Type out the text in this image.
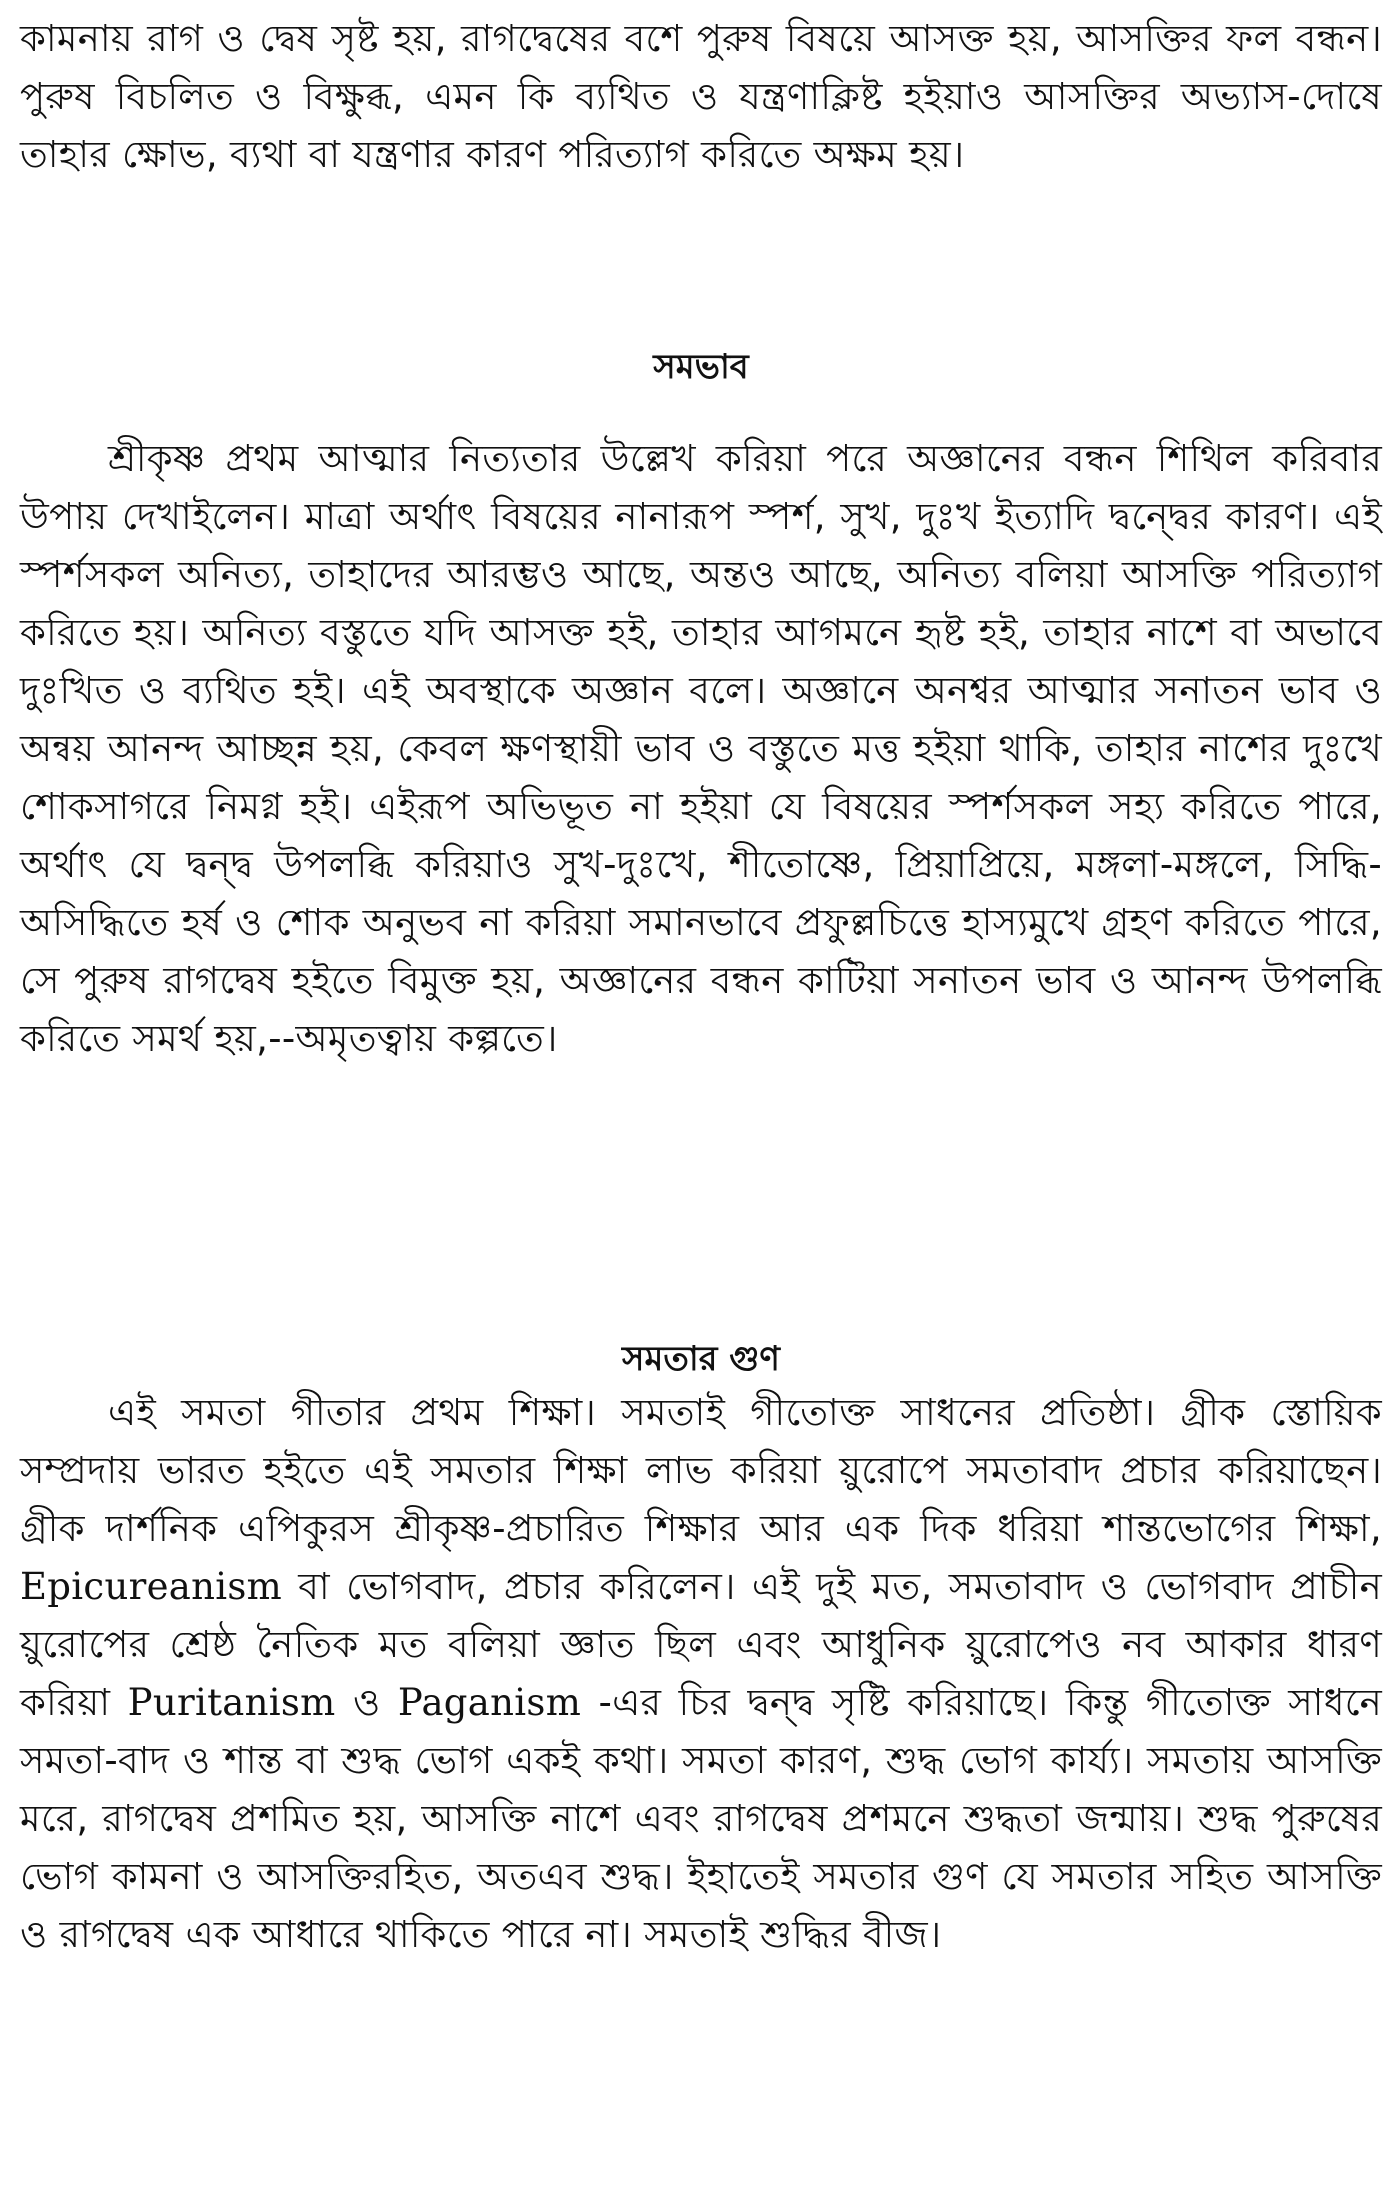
কামনায় রাগ ও দ্বেষ সৃষ্ট হয়, রাগদ্বেষের বশে পুরুষ বিষয়ে আসক্ত হয়, আসক্তির ফল বন্ধন। পুরুষ বিচলিত ও বিক্ষুব্ধ, এমন কি ব্যথিত ও যন্ত্রণাক্লিষ্ট হইয়াও আসক্তির অভ্যাস-দোষে তাহার ক্ষোভ, ব্যথা বা যন্ত্রণার কারণ পরিত্যাগ করিতে অক্ষম হয়।

সমভাব

শ্রীকৃষ্ণ প্রথম আত্মার নিত্যতার উল্লেখ করিয়া পরে অজ্ঞানের বন্ধন শিথিল করিবার উপায় দেখাইলেন। মাত্রা অর্থাৎ বিষয়ের নানারূপ স্পর্শ, সুখ, দুঃখ ইত্যাদি দ্বন্দ্বের কারণ। এই স্পর্শসকল অনিত্য, তাহাদের আরম্ভও আছে, অন্তও আছে, অনিত্য বলিয়া আসক্তি পরিত্যাগ করিতে হয়। অনিত্য বস্তুতে যদি আসক্ত হই, তাহার আগমনে হৃষ্ট হই, তাহার নাশে বা অভাবে দুঃখিত ও ব্যথিত হই। এই অবস্থাকে অজ্ঞান বলে। অজ্ঞানে অনশ্বর আত্মার সনাতন ভাব ও অন্বয় আনন্দ আচ্ছন্ন হয়, কেবল ক্ষণস্থায়ী ভাব ও বস্তুতে মত্ত হইয়া থাকি, তাহার নাশের দুঃখে শোকসাগরে নিমগ্ন হই। এইরূপ অভিভূত না হইয়া যে বিষয়ের স্পর্শসকল সহ্য করিতে পারে, অর্থাৎ যে দ্বন্দ্ব উপলব্ধি করিয়াও সুখ-দুঃখে, শীতোষ্ণে, প্রিয়াপ্রিয়ে, মঙ্গলা-মঙ্গলে, সিদ্ধি-অসিদ্ধিতে হর্ষ ও শোক অনুভব না করিয়া সমানভাবে প্রফুল্লচিত্তে হাস্যমুখে গ্রহণ করিতে পারে, সে পুরুষ রাগদ্বেষ হইতে বিমুক্ত হয়, অজ্ঞানের বন্ধন কাটিয়া সনাতন ভাব ও আনন্দ উপলব্ধি করিতে সমর্থ হয়,--অমৃতত্বায় কল্পতে।

সমতার গুণ

এই সমতা গীতার প্রথম শিক্ষা। সমতাই গীতোক্ত সাধনের প্রতিষ্ঠা। গ্রীক স্তোয়িক সম্প্রদায় ভারত হইতে এই সমতার শিক্ষা লাভ করিয়া য়ুরোপে সমতাবাদ প্রচার করিয়াছেন। গ্রীক দার্শনিক এপিকুরস শ্রীকৃষ্ণ-প্রচারিত শিক্ষার আর এক দিক ধরিয়া শান্তভোগের শিক্ষা, Epicureanism বা ভোগবাদ, প্রচার করিলেন। এই দুই মত, সমতাবাদ ও ভোগবাদ প্রাচীন য়ুরোপের শ্রেষ্ঠ নৈতিক মত বলিয়া জ্ঞাত ছিল এবং আধুনিক য়ুরোপেও নব আকার ধারণ করিয়া Puritanism ও Paganism -এর চির দ্বন্দ্ব সৃষ্টি করিয়াছে। কিন্তু গীতোক্ত সাধনে সমতা-বাদ ও শান্ত বা শুদ্ধ ভোগ একই কথা। সমতা কারণ, শুদ্ধ ভোগ কার্য্য। সমতায় আসক্তি মরে, রাগদ্বেষ প্রশমিত হয়, আসক্তি নাশে এবং রাগদ্বেষ প্রশমনে শুদ্ধতা জন্মায়। শুদ্ধ পুরুষের ভোগ কামনা ও আসক্তিরহিত, অতএব শুদ্ধ। ইহাতেই সমতার গুণ যে সমতার সহিত আসক্তি ও রাগদ্বেষ এক আধারে থাকিতে পারে না। সমতাই শুদ্ধির বীজ।
